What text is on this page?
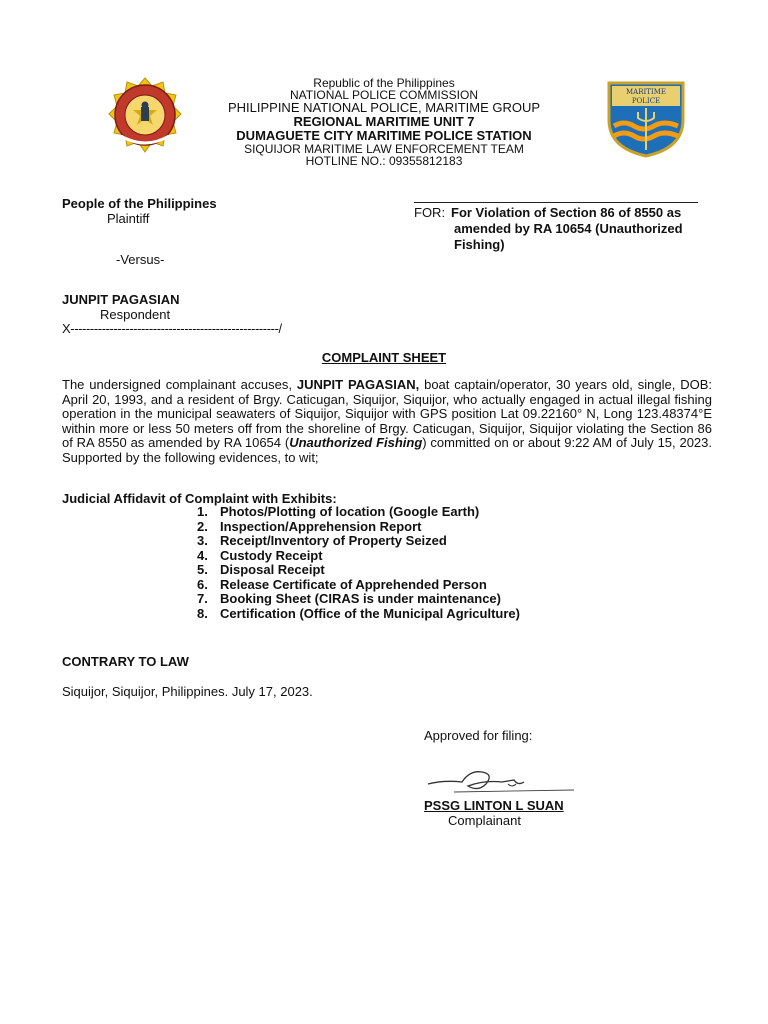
MARITIME
POLICE
Republic of the Philippines
NATIONAL POLICE COMMISSION
PHILIPPINE NATIONAL POLICE, MARITIME GROUP
REGIONAL MARITIME UNIT 7
DUMAGUETE CITY MARITIME POLICE STATION
SIQUIJOR MARITIME LAW ENFORCEMENT TEAM
HOTLINE NO.: 09355812183
People of the Philippines
Plaintiff
-Versus-
JUNPIT PAGASIAN
Respondent
X-----------------------------------------------------/
FOR: For Violation of Section 86 of 8550 as
amended by RA 10654 (Unauthorized
Fishing)
COMPLAINT SHEET
The undersigned complainant accuses, JUNPIT PAGASIAN, boat captain/operator, 30 years old, single, DOB: April 20, 1993, and a resident of Brgy. Caticugan, Siquijor, Siquijor, who actually engaged in actual illegal fishing operation in the municipal seawaters of Siquijor, Siquijor with GPS position Lat 09.22160° N, Long 123.48374°E within more or less 50 meters off from the shoreline of Brgy. Caticugan, Siquijor, Siquijor violating the Section 86 of RA 8550 as amended by RA 10654 (Unauthorized Fishing) committed on or about 9:22 AM of July 15, 2023. Supported by the following evidences, to wit;
Judicial Affidavit of Complaint with Exhibits:
1. Photos/Plotting of location (Google Earth)
2. Inspection/Apprehension Report
3. Receipt/Inventory of Property Seized
4. Custody Receipt
5. Disposal Receipt
6. Release Certificate of Apprehended Person
7. Booking Sheet (CIRAS is under maintenance)
8. Certification (Office of the Municipal Agriculture)
CONTRARY TO LAW
Siquijor, Siquijor, Philippines. July 17, 2023.
Approved for filing:
PSSG LINTON L SUAN
Complainant
